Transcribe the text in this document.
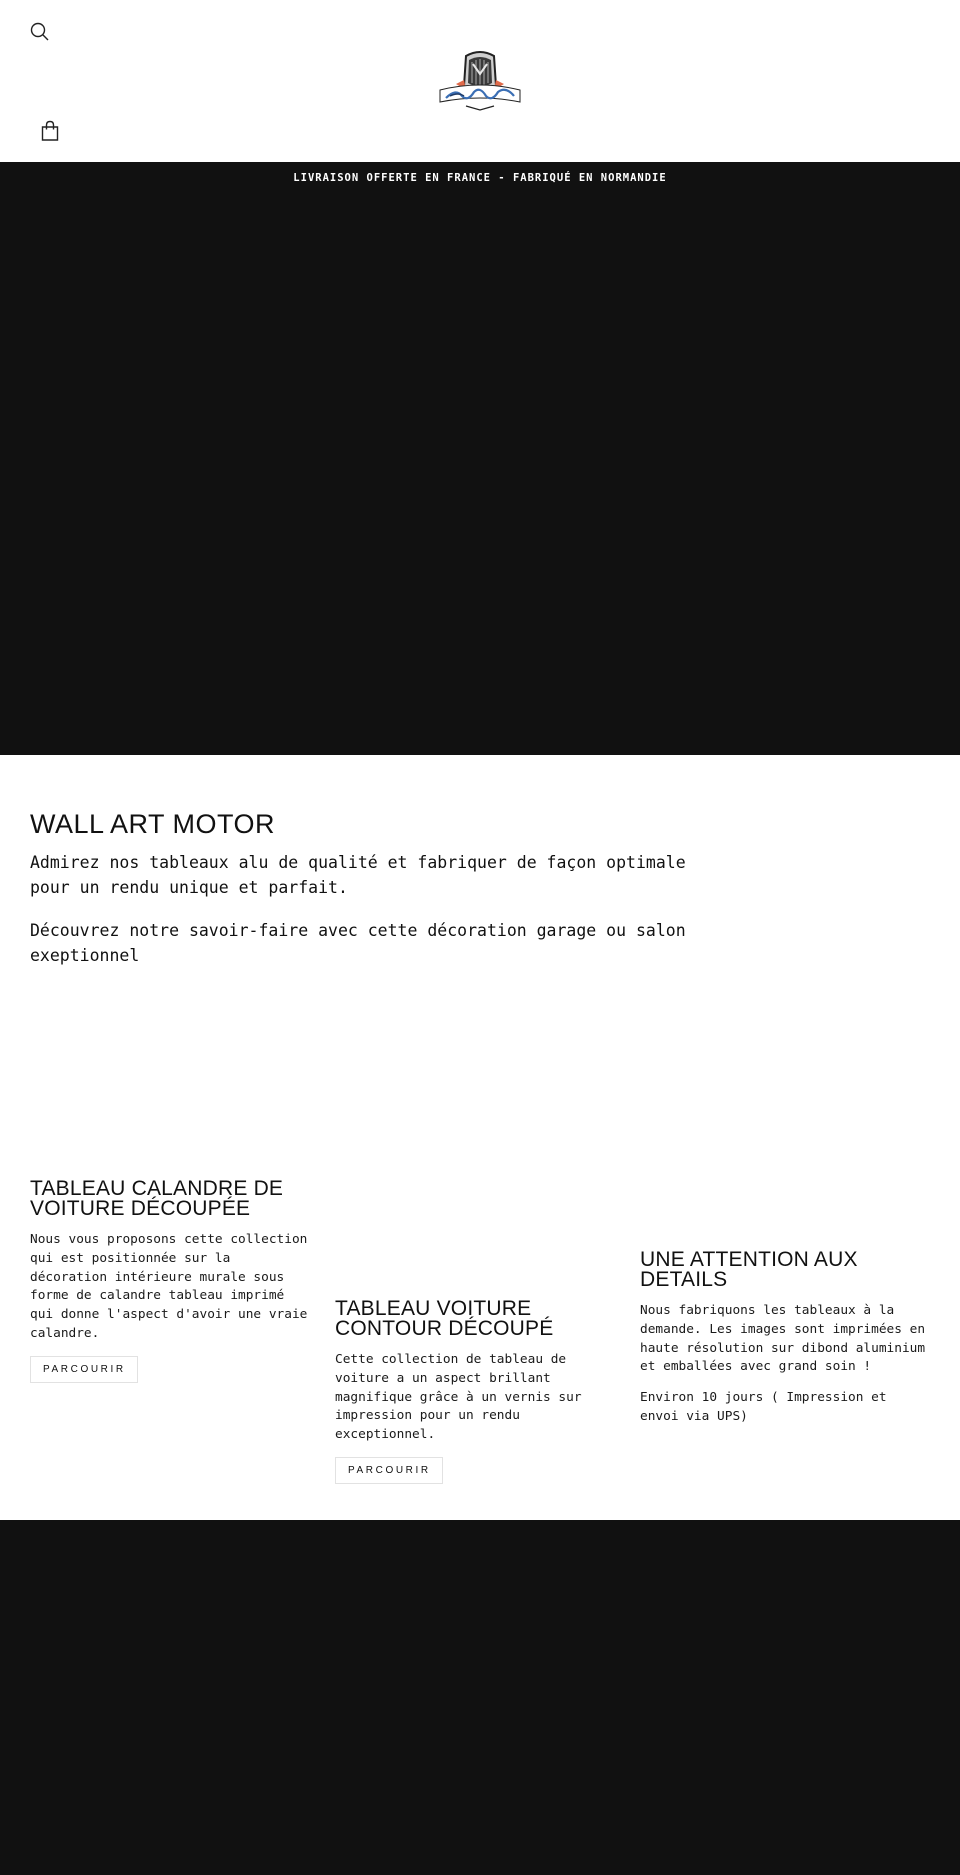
LIVRAISON OFFERTE EN FRANCE - FABRIQUÉ EN NORMANDIE
WALL ART MOTOR

Admirez nos tableaux alu de qualité et fabriquer de façon optimale pour un rendu unique et parfait.

Découvrez notre savoir-faire avec cette décoration garage ou salon exeptionnel

TABLEAU CALANDRE DE VOITURE DÉCOUPÉE

Nous vous proposons cette collection qui est positionnée sur la décoration intérieure murale sous forme de calandre tableau imprimé qui donne l'aspect d'avoir une vraie calandre.

PARCOURIR
TABLEAU VOITURE CONTOUR DÉCOUPÉ

Cette collection de tableau de voiture a un aspect brillant magnifique grâce à un vernis sur impression pour un rendu exceptionnel.

PARCOURIR
UNE ATTENTION AUX DETAILS

Nous fabriquons les tableaux à la demande. Les images sont imprimées en haute résolution sur dibond aluminium et emballées avec grand soin !

Environ 10 jours ( Impression et envoi via UPS)
